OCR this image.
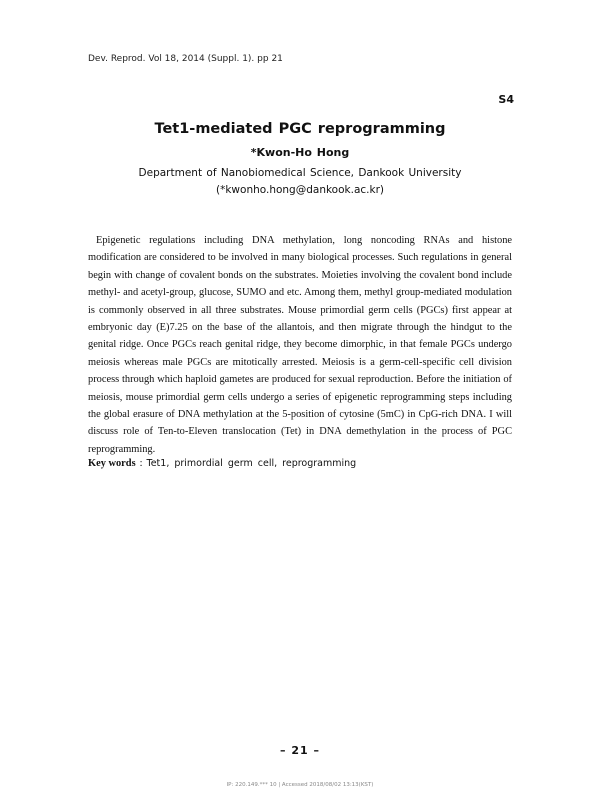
Dev. Reprod. Vol 18, 2014 (Suppl. 1). pp 21
S4
Tet1-mediated PGC reprogramming
*Kwon-Ho Hong
Department of Nanobiomedical Science, Dankook University
(*kwonho.hong@dankook.ac.kr)

Epigenetic regulations including DNA methylation, long noncoding RNAs and histone modification are considered to be involved in many biological processes. Such regulations in general begin with change of covalent bonds on the substrates. Moieties involving the covalent bond include methyl- and acetyl-group, glucose, SUMO and etc. Among them, methyl group-mediated modulation is commonly observed in all three substrates. Mouse primordial germ cells (PGCs) first appear at embryonic day (E)7.25 on the base of the allantois, and then migrate through the hindgut to the genital ridge. Once PGCs reach genital ridge, they become dimorphic, in that female PGCs undergo meiosis whereas male PGCs are mitotically arrested. Meiosis is a germ-cell-specific cell division process through which haploid gametes are produced for sexual reproduction. Before the initiation of meiosis, mouse primordial germ cells undergo a series of epigenetic reprogramming steps including the global erasure of DNA methylation at the 5-position of cytosine (5mC) in CpG-rich DNA. I will discuss role of Ten-to-Eleven translocation (Tet) in DNA demethylation in the process of PGC reprogramming.

Key words : Tet1, primordial germ cell, reprogramming
– 21 –
IP: 220.149.*** 10 | Accessed 2018/08/02 13:13(KST)
